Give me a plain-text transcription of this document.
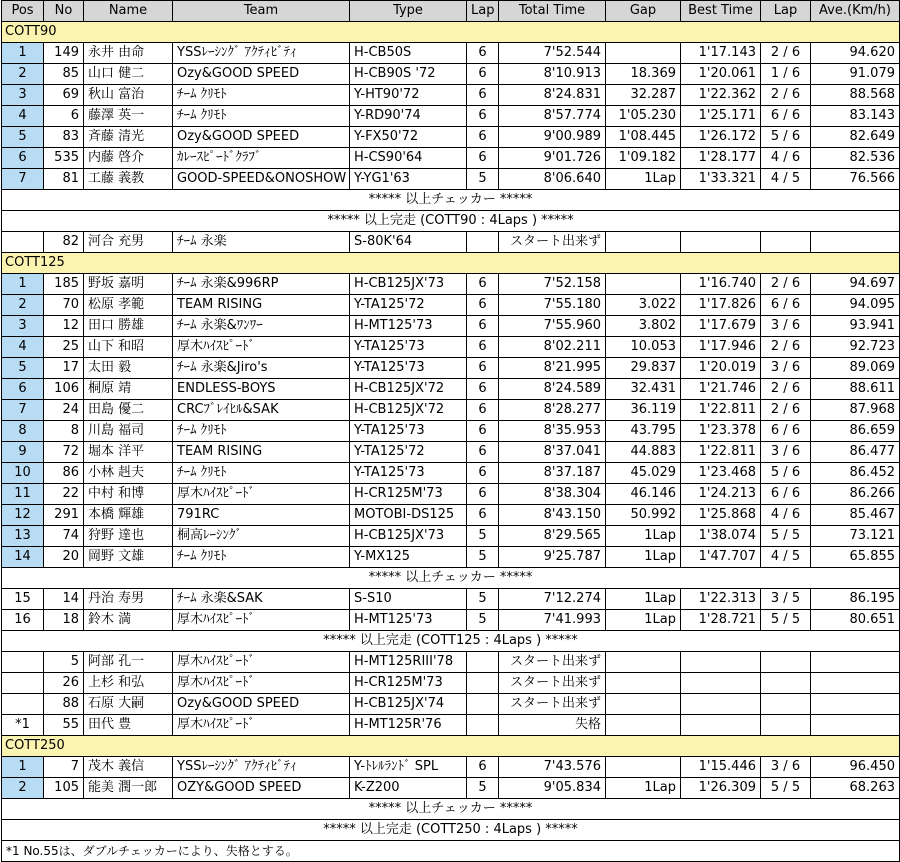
Pos	No	Name	Team	Type	Lap	Total Time	Gap	Best Time	Lap	Ave.(Km/h)
COTT90										
1	149	永井 由命	YSSﾚｰｼﾝｸﾞ ｱｸﾃｨﾋﾞﾃｨ	H-CB50S	6	7'52.544		1'17.143	2 / 6	94.620
2	85	山口 健二	Ozy&GOOD SPEED	H-CB90S '72	6	8'10.913	18.369	1'20.061	1 / 6	91.079
3	69	秋山 富治	ﾁｰﾑ ｸﾘﾓﾄ	Y-HT90'72	6	8'24.831	32.287	1'22.362	2 / 6	88.568
4	6	藤澤 英一	ﾁｰﾑ ｸﾘﾓﾄ	Y-RD90'74	6	8'57.774	1'05.230	1'25.171	6 / 6	83.143
5	83	斉藤 清光	Ozy&GOOD SPEED	Y-FX50'72	6	9'00.989	1'08.445	1'26.172	5 / 6	82.649
6	535	内藤 啓介	ｶﾚｰｽﾋﾟｰﾄﾞｸﾗﾌﾞ	H-CS90'64	6	9'01.726	1'09.182	1'28.177	4 / 6	82.536
7	81	工藤 義教	GOOD-SPEED&ONOSHOW	Y-YG1'63	5	8'06.640	1Lap	1'33.321	4 / 5	76.566
***** 以上チェッカー *****										
***** 以上完走 (COTT90 : 4Laps ) *****										
	82	河合 充男	ﾁｰﾑ 永楽	S-80K'64		スタート出来ず				
COTT125										
1	185	野坂 嘉明	ﾁｰﾑ 永楽&996RP	H-CB125JX'73	6	7'52.158		1'16.740	2 / 6	94.697
2	70	松原 孝範	TEAM RISING	Y-TA125'72	6	7'55.180	3.022	1'17.826	6 / 6	94.095
3	12	田口 勝雄	ﾁｰﾑ 永楽&ﾜﾝﾜｰ	H-MT125'73	6	7'55.960	3.802	1'17.679	3 / 6	93.941
4	25	山下 和昭	厚木ﾊｲｽﾋﾟｰﾄﾞ	Y-TA125'73	6	8'02.211	10.053	1'17.946	2 / 6	92.723
5	17	太田 毅	ﾁｰﾑ 永楽&Jiro's	Y-TA125'73	6	8'21.995	29.837	1'20.019	3 / 6	89.069
6	106	桐原 靖	ENDLESS-BOYS	H-CB125JX'72	6	8'24.589	32.431	1'21.746	2 / 6	88.611
7	24	田島 優二	CRCﾌﾞﾚｲﾋﾙ&SAK	H-CB125JX'72	6	8'28.277	36.119	1'22.811	2 / 6	87.968
8	8	川島 福司	ﾁｰﾑ ｸﾘﾓﾄ	Y-TA125'73	6	8'35.953	43.795	1'23.378	6 / 6	86.659
9	72	堀本 洋平	TEAM RISING	Y-TA125'72	6	8'37.041	44.883	1'22.811	3 / 6	86.477
10	86	小林 赳夫	ﾁｰﾑ ｸﾘﾓﾄ	Y-TA125'73	6	8'37.187	45.029	1'23.468	5 / 6	86.452
11	22	中村 和博	厚木ﾊｲｽﾋﾟｰﾄﾞ	H-CR125M'73	6	8'38.304	46.146	1'24.213	6 / 6	86.266
12	291	本橋 輝雄	791RC	MOTOBI-DS125	6	8'43.150	50.992	1'25.868	4 / 6	85.467
13	74	狩野 達也	桐高ﾚｰｼﾝｸﾞ	H-CB125JX'73	5	8'29.565	1Lap	1'38.074	5 / 5	73.121
14	20	岡野 文雄	ﾁｰﾑ ｸﾘﾓﾄ	Y-MX125	5	9'25.787	1Lap	1'47.707	4 / 5	65.855
***** 以上チェッカー *****										
15	14	丹治 寿男	ﾁｰﾑ 永楽&SAK	S-S10	5	7'12.274	1Lap	1'22.313	3 / 5	86.195
16	18	鈴木 満	厚木ﾊｲｽﾋﾟｰﾄﾞ	H-MT125'73	5	7'41.993	1Lap	1'28.721	5 / 5	80.651
***** 以上完走 (COTT125 : 4Laps ) *****										
	5	阿部 孔一	厚木ﾊｲｽﾋﾟｰﾄﾞ	H-MT125RIII'78		スタート出来ず				
	26	上杉 和弘	厚木ﾊｲｽﾋﾟｰﾄﾞ	H-CR125M'73		スタート出来ず				
	88	石原 大嗣	Ozy&GOOD SPEED	H-CB125JX'74		スタート出来ず				
*1	55	田代 豊	厚木ﾊｲｽﾋﾟｰﾄﾞ	H-MT125R'76		失格				
COTT250										
1	7	茂木 義信	YSSﾚｰｼﾝｸﾞ ｱｸﾃｨﾋﾞﾃｨ	Y-ﾄﾚﾙﾗﾝﾄﾞ SPL	6	7'43.576		1'15.446	3 / 6	96.450
2	105	能美 潤一郎	OZY&GOOD SPEED	K-Z200	5	9'05.834	1Lap	1'26.309	5 / 5	68.263
***** 以上チェッカー *****										
***** 以上完走 (COTT250 : 4Laps ) *****										
*1 No.55は、ダブルチェッカーにより、失格とする。										
